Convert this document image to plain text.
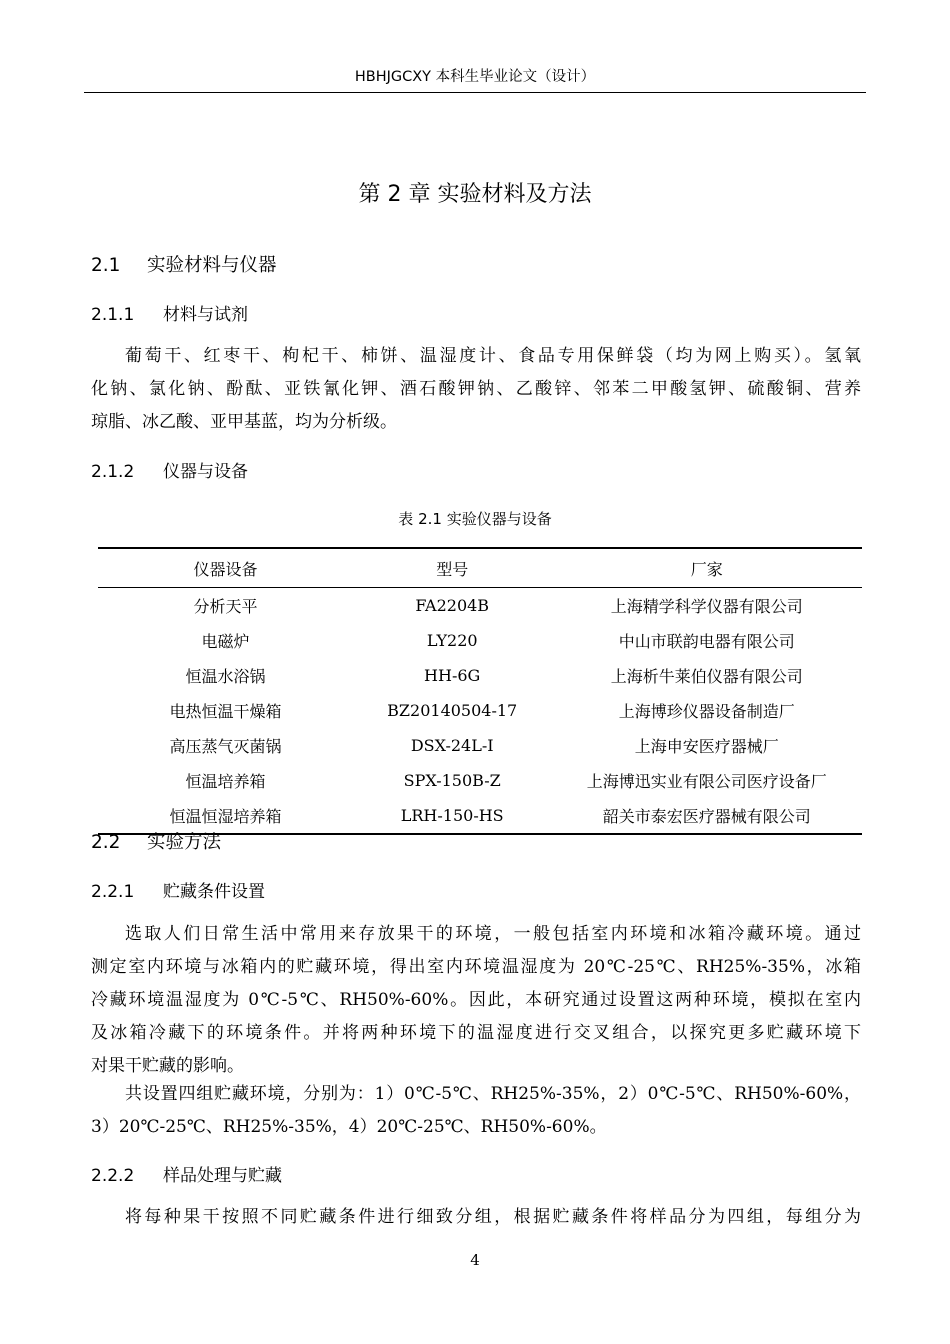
HBHJGCXY 本科生毕业论文（设计）
第 2 章 实验材料及方法
2.1 实验材料与仪器
2.1.1 材料与试剂
葡萄干、红枣干、枸杞干、柿饼、温湿度计、食品专用保鲜袋（均为网上购买）。氢氧
化钠、氯化钠、酚酞、亚铁氰化钾、酒石酸钾钠、乙酸锌、邻苯二甲酸氢钾、硫酸铜、营养
琼脂、冰乙酸、亚甲基蓝，均为分析级。
2.1.2 仪器与设备
表 2.1 实验仪器与设备
仪器设备	型号	厂家
分析天平	FA2204B	上海精学科学仪器有限公司
电磁炉	LY220	中山市联韵电器有限公司
恒温水浴锅	HH-6G	上海析牛莱伯仪器有限公司
电热恒温干燥箱	BZ20140504-17	上海博珍仪器设备制造厂
高压蒸气灭菌锅	DSX-24L-I	上海申安医疗器械厂
恒温培养箱	SPX-150B-Z	上海博迅实业有限公司医疗设备厂
恒温恒湿培养箱	LRH-150-HS	韶关市泰宏医疗器械有限公司
2.2 实验方法
2.2.1 贮藏条件设置
选取人们日常生活中常用来存放果干的环境，一般包括室内环境和冰箱冷藏环境。通过
测定室内环境与冰箱内的贮藏环境，得出室内环境温湿度为 20℃-25℃、RH25%-35%，冰箱
冷藏环境温湿度为 0℃-5℃、RH50%-60%。因此，本研究通过设置这两种环境，模拟在室内
及冰箱冷藏下的环境条件。并将两种环境下的温湿度进行交叉组合，以探究更多贮藏环境下
对果干贮藏的影响。
共设置四组贮藏环境，分别为：1）0℃-5℃、RH25%-35%，2）0℃-5℃、RH50%-60%，
3）20℃-25℃、RH25%-35%，4）20℃-25℃、RH50%-60%。
2.2.2 样品处理与贮藏
将每种果干按照不同贮藏条件进行细致分组，根据贮藏条件将样品分为四组，每组分为
4
